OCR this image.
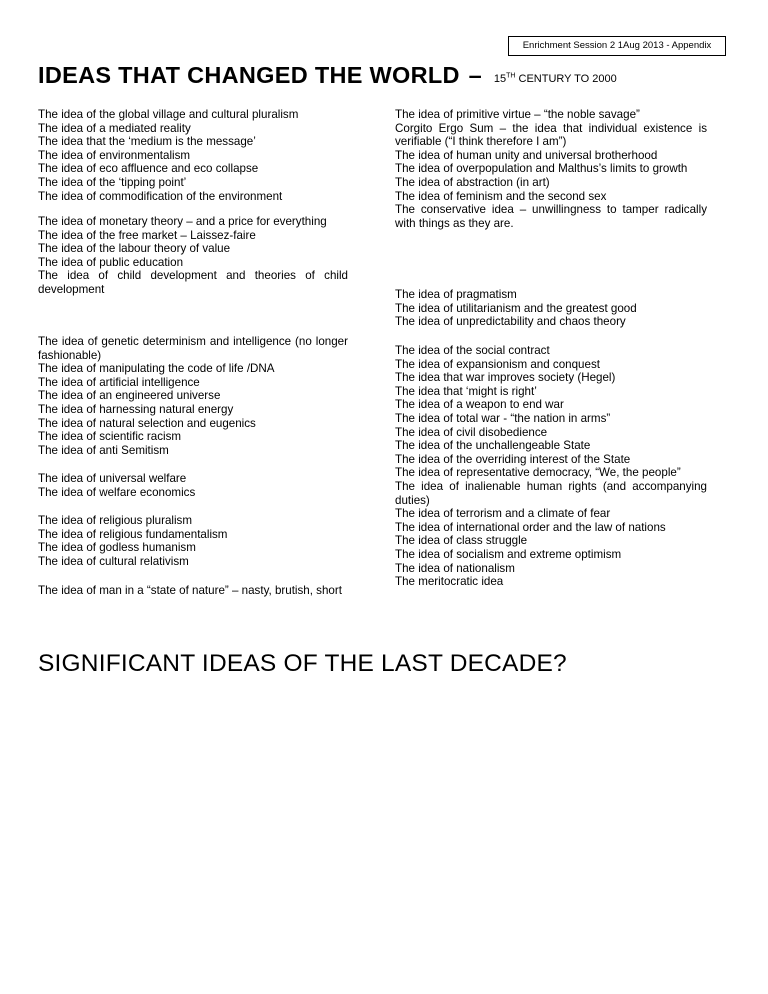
Enrichment Session 2 1Aug 2013 - Appendix
IDEAS THAT CHANGED THE WORLD – 15TH CENTURY TO 2000
The idea of the global village and cultural pluralism
The idea of a mediated reality
The idea that the ‘medium is the message’
The idea of environmentalism
The idea of eco affluence and eco collapse
The idea of the ‘tipping point’
The idea of commodification of the environment
The idea of monetary theory – and a price for everything
The idea of the free market – Laissez-faire
The idea of the labour theory of value
The idea of public education
The idea of child development and theories of child development
The idea of genetic determinism and intelligence (no longer fashionable)
The idea of manipulating the code of life /DNA
The idea of artificial intelligence
The idea of an engineered universe
The idea of harnessing natural energy
The idea of natural selection and eugenics
The idea of scientific racism
The idea of anti Semitism
The idea of universal welfare
The idea of welfare economics
The idea of religious pluralism
The idea of religious fundamentalism
The idea of godless humanism
The idea of cultural relativism
The idea of man in a “state of nature” – nasty, brutish, short
The idea of primitive virtue – “the noble savage”
Corgito Ergo Sum – the idea that individual existence is verifiable (“I think therefore I am”)
The idea of human unity and universal brotherhood
The idea of overpopulation and Malthus’s limits to growth
The idea of abstraction (in art)
The idea of feminism and the second sex
The conservative idea – unwillingness to tamper radically with things as they are.
The idea of pragmatism
The idea of utilitarianism and the greatest good
The idea of unpredictability and chaos theory
The idea of the social contract
The idea of expansionism and conquest
The idea that war improves society (Hegel)
The idea that ‘might is right’
The idea of a weapon to end war
The idea of total war - “the nation in arms”
The idea of civil disobedience
The idea of the unchallengeable State
The idea of the overriding interest of the State
The idea of representative democracy, “We, the people”
The idea of inalienable human rights (and accompanying duties)
The idea of terrorism and a climate of fear
The idea of international order and the law of nations
The idea of class struggle
The idea of socialism and extreme optimism
The idea of nationalism
The meritocratic idea
SIGNIFICANT IDEAS OF THE LAST DECADE?
